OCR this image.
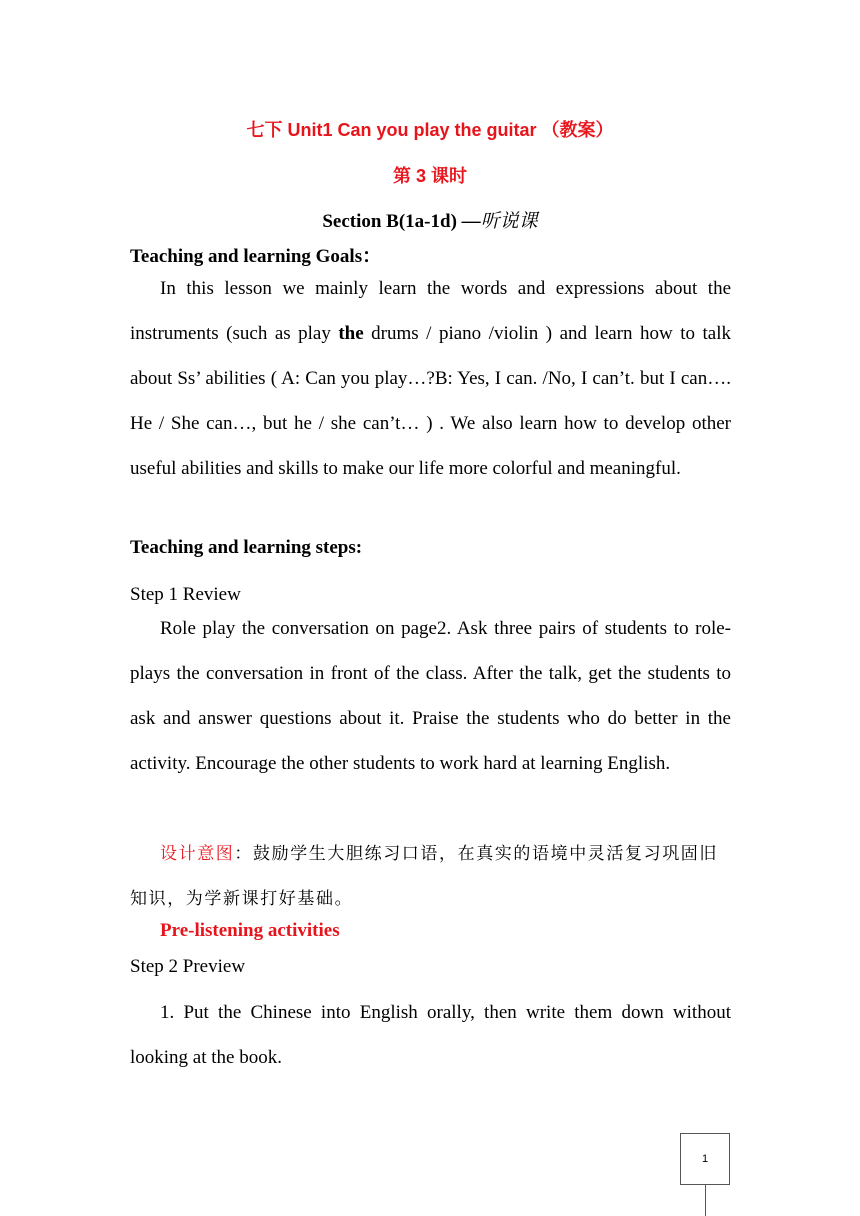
七下 Unit1 Can you play the guitar （教案）
第 3 课时
Section B(1a-1d) —听说课
Teaching and learning Goals：

In this lesson we mainly learn the words and expressions about the instruments (such as play the drums / piano /violin ) and learn how to talk about Ss’ abilities ( A: Can you play…?B: Yes, I can. /No, I can’t. but I can…. He / She can…, but he / she can’t… ) . We also learn how to develop other useful abilities and skills to make our life more colorful and meaningful.

Teaching and learning steps:
Step 1 Review

Role play the conversation on page2. Ask three pairs of students to role-plays the conversation in front of the class. After the talk, get the students to ask and answer questions about it. Praise the students who do better in the activity. Encourage the other students to work hard at learning English.

设计意图：鼓励学生大胆练习口语，在真实的语境中灵活复习巩固旧知识，为学新课打好基础。

Pre-listening activities
Step 2 Preview

1. Put the Chinese into English orally, then write them down without looking at the book.

1
